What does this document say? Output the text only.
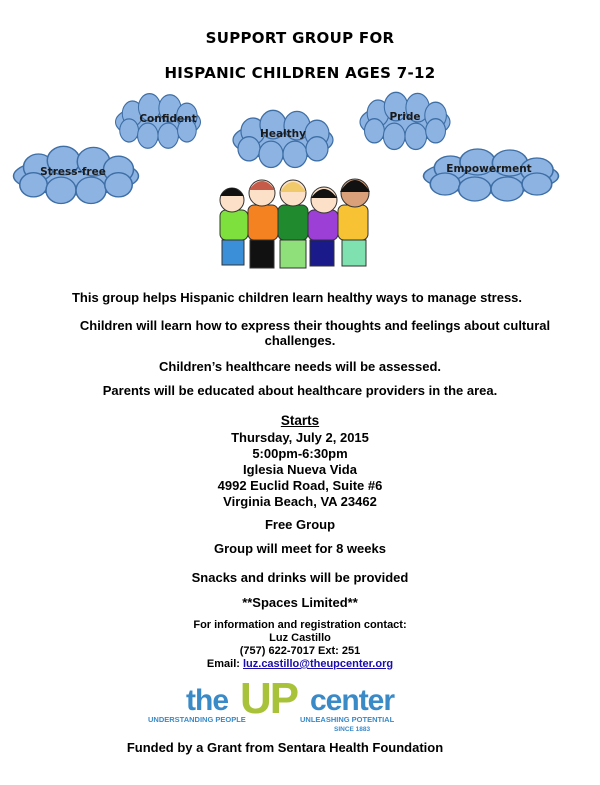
SUPPORT GROUP FOR
HISPANIC CHILDREN AGES 7-12
Confident
Healthy
Pride
Stress-free	Empowerment
This group helps Hispanic children learn healthy ways to manage stress.
Children will learn how to express their thoughts and feelings about cultural
challenges.
Children’s healthcare needs will be assessed.
Parents will be educated about healthcare providers in the area.
Starts
Thursday, July 2, 2015
5:00pm-6:30pm
Iglesia Nueva Vida
4992 Euclid Road, Suite #6
Virginia Beach, VA 23462
Free Group
Group will meet for 8 weeks
Snacks and drinks will be provided
**Spaces Limited**
For information and registration contact:
Luz Castillo
(757) 622-7017 Ext: 251
Email: luz.castillo@theupcenter.org
the UP center
UNDERSTANDING PEOPLE	UNLEASHING POTENTIAL
SINCE 1883
Funded by a Grant from Sentara Health Foundation
